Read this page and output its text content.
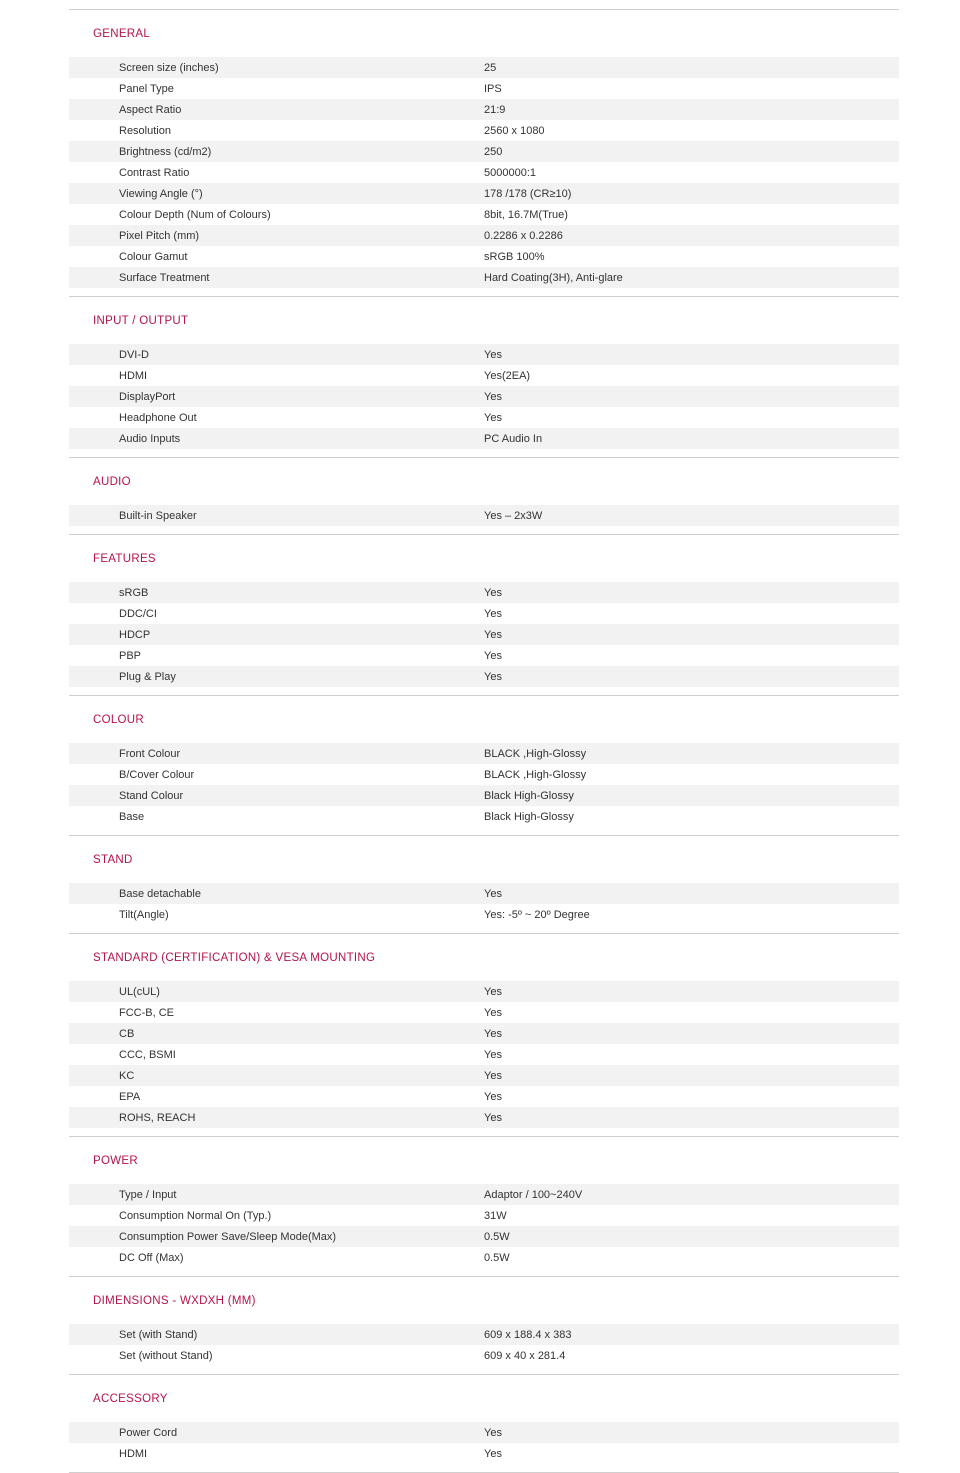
GENERAL
Screen size (inches)	25
Panel Type	IPS
Aspect Ratio	21:9
Resolution	2560 x 1080
Brightness (cd/m2)	250
Contrast Ratio	5000000:1
Viewing Angle (°)	178 /178 (CR≥10)
Colour Depth (Num of Colours)	8bit, 16.7M(True)
Pixel Pitch (mm)	0.2286 x 0.2286
Colour Gamut	sRGB 100%
Surface Treatment	Hard Coating(3H), Anti-glare
INPUT / OUTPUT
DVI-D	Yes
HDMI	Yes(2EA)
DisplayPort	Yes
Headphone Out	Yes
Audio Inputs	PC Audio In
AUDIO
Built-in Speaker	Yes – 2x3W
FEATURES
sRGB	Yes
DDC/CI	Yes
HDCP	Yes
PBP	Yes
Plug & Play	Yes
COLOUR
Front Colour	BLACK ,High-Glossy
B/Cover Colour	BLACK ,High-Glossy
Stand Colour	Black High-Glossy
Base	Black High-Glossy
STAND
Base detachable	Yes
Tilt(Angle)	Yes: -5º ~ 20º Degree
STANDARD (CERTIFICATION) & VESA MOUNTING
UL(cUL)	Yes
FCC-B, CE	Yes
CB	Yes
CCC, BSMI	Yes
KC	Yes
EPA	Yes
ROHS, REACH	Yes
POWER
Type / Input	Adaptor / 100~240V
Consumption Normal On (Typ.)	31W
Consumption Power Save/Sleep Mode(Max)	0.5W
DC Off (Max)	0.5W
DIMENSIONS - WXDXH (MM)
Set (with Stand)	609 x 188.4 x 383
Set (without Stand)	609 x 40 x 281.4
ACCESSORY
Power Cord	Yes
HDMI	Yes
